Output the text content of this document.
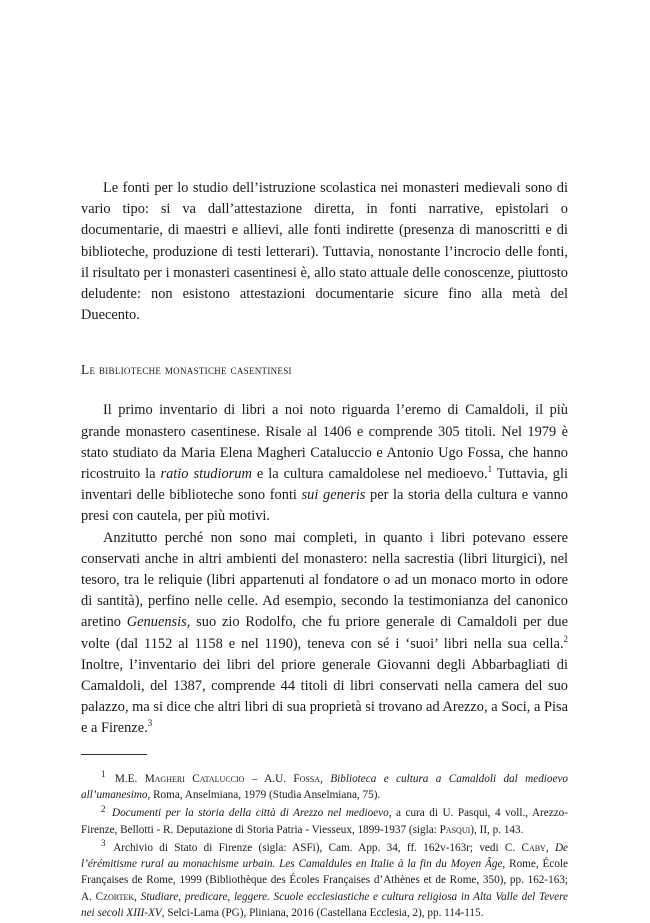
Le fonti per lo studio dell’istruzione scolastica nei monasteri medievali sono di vario tipo: si va dall’attestazione diretta, in fonti narrative, epistolari o documentarie, di maestri e allievi, alle fonti indirette (presenza di manoscritti e di biblioteche, produzione di testi letterari). Tuttavia, nonostante l’incrocio delle fonti, il risultato per i monasteri casentinesi è, allo stato attuale delle conoscenze, piuttosto deludente: non esistono attestazioni documentarie sicure fino alla metà del Duecento.

Le biblioteche monastiche casentinesi

Il primo inventario di libri a noi noto riguarda l’eremo di Camaldoli, il più grande monastero casentinese. Risale al 1406 e comprende 305 titoli. Nel 1979 è stato studiato da Maria Elena Magheri Cataluccio e Antonio Ugo Fossa, che hanno ricostruito la ratio studiorum e la cultura camaldolese nel medioevo.$^1$ Tuttavia, gli inventari delle biblioteche sono fonti sui generis per la storia della cultura e vanno presi con cautela, per più motivi.

Anzitutto perché non sono mai completi, in quanto i libri potevano essere conservati anche in altri ambienti del monastero: nella sacrestia (libri liturgici), nel tesoro, tra le reliquie (libri appartenuti al fondatore o ad un monaco morto in odore di santità), perfino nelle celle. Ad esempio, secondo la testimonianza del canonico aretino Genuensis, suo zio Rodolfo, che fu priore generale di Camaldoli per due volte (dal 1152 al 1158 e nel 1190), teneva con sé i ‘suoi’ libri nella sua cella.$^2$ Inoltre, l’inventario dei libri del priore generale Giovanni degli Abbarbagliati di Camaldoli, del 1387, comprende 44 titoli di libri conservati nella camera del suo palazzo, ma si dice che altri libri di sua proprietà si trovano ad Arezzo, a Soci, a Pisa e a Firenze.$^3$

$^1$ M.E. Magheri Cataluccio – A.U. Fossa, Biblioteca e cultura a Camaldoli dal medioevo all’umanesimo, Roma, Anselmiana, 1979 (Studia Anselmiana, 75).

$^2$ Documenti per la storia della città di Arezzo nel medioevo, a cura di U. Pasqui, 4 voll., Arezzo-Firenze, Bellotti - R. Deputazione di Storia Patria - Viesseux, 1899-1937 (sigla: Pasqui), II, p. 143.

$^3$ Archivio di Stato di Firenze (sigla: ASFi), Cam. App. 34, ff. 162v-163r; vedi C. Caby, De l’érémitisme rural au monachisme urbain. Les Camaldules en Italie à la fin du Moyen Âge, Rome, École Françaises de Rome, 1999 (Bibliothèque des Écoles Françaises d’Athènes et de Rome, 350), pp. 162-163; A. Czortek, Studiare, predicare, leggere. Scuole ecclesiastiche e cultura religiosa in Alta Valle del Tevere nei secoli XIII-XV, Selci-Lama (PG), Pliniana, 2016 (Castellana Ecclesia, 2), pp. 114-115.
